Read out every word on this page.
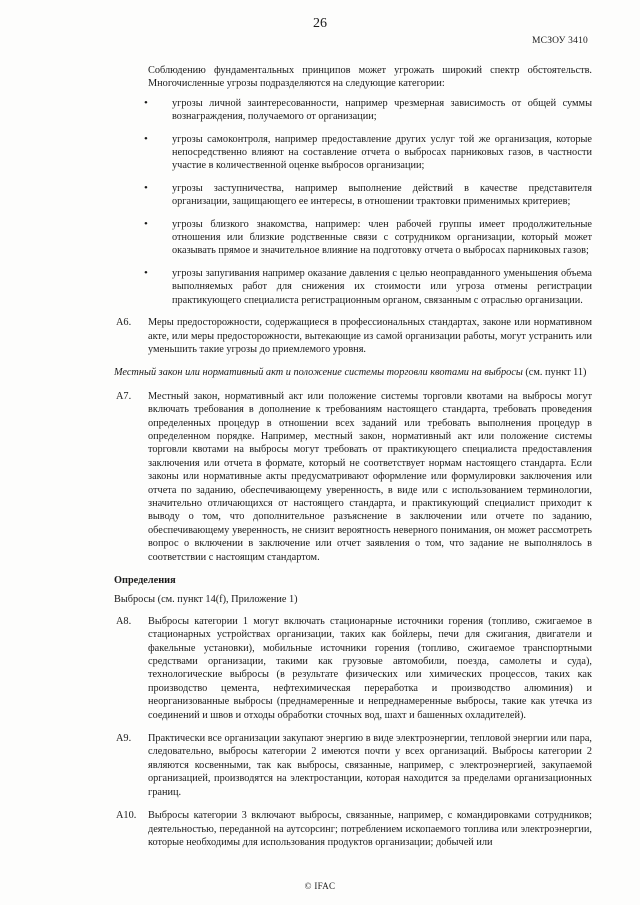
26
МСЗОУ 3410

Соблюдению фундаментальных принципов может угрожать широкий спектр обстоятельств. Многочисленные угрозы подразделяются на следующие категории:

• угрозы личной заинтересованности, например чрезмерная зависимость от общей суммы вознаграждения, получаемого от организации;
• угрозы самоконтроля, например предоставление других услуг той же организация, которые непосредственно влияют на составление отчета о выбросах парниковых газов, в частности участие в количественной оценке выбросов организации;
• угрозы заступничества, например выполнение действий в качестве представителя организации, защищающего ее интересы, в отношении трактовки применимых критериев;
• угрозы близкого знакомства, например: член рабочей группы имеет продолжительные отношения или близкие родственные связи с сотрудником организации, который может оказывать прямое и значительное влияние на подготовку отчета о выбросах парниковых газов;
• угрозы запугивания например оказание давления с целью неоправданного уменьшения объема выполняемых работ для снижения их стоимости или угроза отмены регистрации практикующего специалиста регистрационным органом, связанным с отраслью организации.
А6.	Меры предосторожности, содержащиеся в профессиональных стандартах, законе или нормативном акте, или меры предосторожности, вытекающие из самой организации работы, могут устранить или уменьшить такие угрозы до приемлемого уровня.
Местный закон или нормативный акт и положение системы торговли квотами на выбросы (см. пункт 11)
А7.	Местный закон, нормативный акт или положение системы торговли квотами на выбросы могут включать требования в дополнение к требованиям настоящего стандарта, требовать проведения определенных процедур в отношении всех заданий или требовать выполнения процедур в определенном порядке. Например, местный закон, нормативный акт или положение системы торговли квотами на выбросы могут требовать от практикующего специалиста предоставления заключения или отчета в формате, который не соответствует нормам настоящего стандарта. Если законы или нормативные акты предусматривают оформление или формулировки заключения или отчета по заданию, обеспечивающему уверенность, в виде или с использованием терминологии, значительно отличающихся от настоящего стандарта, и практикующий специалист приходит к выводу о том, что дополнительное разъяснение в заключении или отчете по заданию, обеспечивающему уверенность, не снизит вероятность неверного понимания, он может рассмотреть вопрос о включении в заключение или отчет заявления о том, что задание не выполнялось в соответствии с настоящим стандартом.
Определения
Выбросы (см. пункт 14(f), Приложение 1)
А8.	Выбросы категории 1 могут включать стационарные источники горения (топливо, сжигаемое в стационарных устройствах организации, таких как бойлеры, печи для сжигания, двигатели и факельные установки), мобильные источники горения (топливо, сжигаемое транспортными средствами организации, такими как грузовые автомобили, поезда, самолеты и суда), технологические выбросы (в результате физических или химических процессов, таких как производство цемента, нефтехимическая переработка и производство алюминия) и неорганизованные выбросы (преднамеренные и непреднамеренные выбросы, такие как утечка из соединений и швов и отходы обработки сточных вод, шахт и башенных охладителей).
А9.	Практически все организации закупают энергию в виде электроэнергии, тепловой энергии или пара, следовательно, выбросы категории 2 имеются почти у всех организаций. Выбросы категории 2 являются косвенными, так как выбросы, связанные, например, с электроэнергией, закупаемой организацией, производятся на электростанции, которая находится за пределами организационных границ.
А10.	Выбросы категории 3 включают выбросы, связанные, например, с командировками сотрудников; деятельностью, переданной на аутсорсинг; потреблением ископаемого топлива или электроэнергии, которые необходимы для использования продуктов организации; добычей или
© IFAC
